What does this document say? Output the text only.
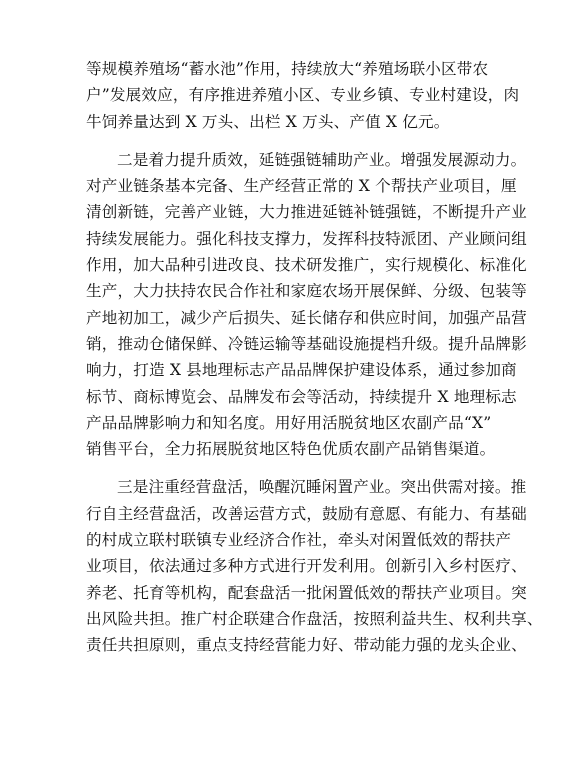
等规模养殖场“蓄水池”作用，持续放大“养殖场联小区带农
户”发展效应，有序推进养殖小区、专业乡镇、专业村建设，肉
牛饲养量达到 X 万头、出栏 X 万头、产值 X 亿元。
二是着力提升质效，延链强链辅助产业。增强发展源动力。
对产业链条基本完备、生产经营正常的 X 个帮扶产业项目，厘
清创新链，完善产业链，大力推进延链补链强链，不断提升产业
持续发展能力。强化科技支撑力，发挥科技特派团、产业顾问组
作用，加大品种引进改良、技术研发推广，实行规模化、标准化
生产，大力扶持农民合作社和家庭农场开展保鲜、分级、包装等
产地初加工，减少产后损失、延长储存和供应时间，加强产品营
销，推动仓储保鲜、冷链运输等基础设施提档升级。提升品牌影
响力，打造 X 县地理标志产品品牌保护建设体系，通过参加商
标节、商标博览会、品牌发布会等活动，持续提升 X 地理标志
产品品牌影响力和知名度。用好用活脱贫地区农副产品“X”
销售平台，全力拓展脱贫地区特色优质农副产品销售渠道。
三是注重经营盘活，唤醒沉睡闲置产业。突出供需对接。推
行自主经营盘活，改善运营方式，鼓励有意愿、有能力、有基础
的村成立联村联镇专业经济合作社，牵头对闲置低效的帮扶产
业项目，依法通过多种方式进行开发利用。创新引入乡村医疗、
养老、托育等机构，配套盘活一批闲置低效的帮扶产业项目。突
出风险共担。推广村企联建合作盘活，按照利益共生、权利共享、
责任共担原则，重点支持经营能力好、带动能力强的龙头企业、
